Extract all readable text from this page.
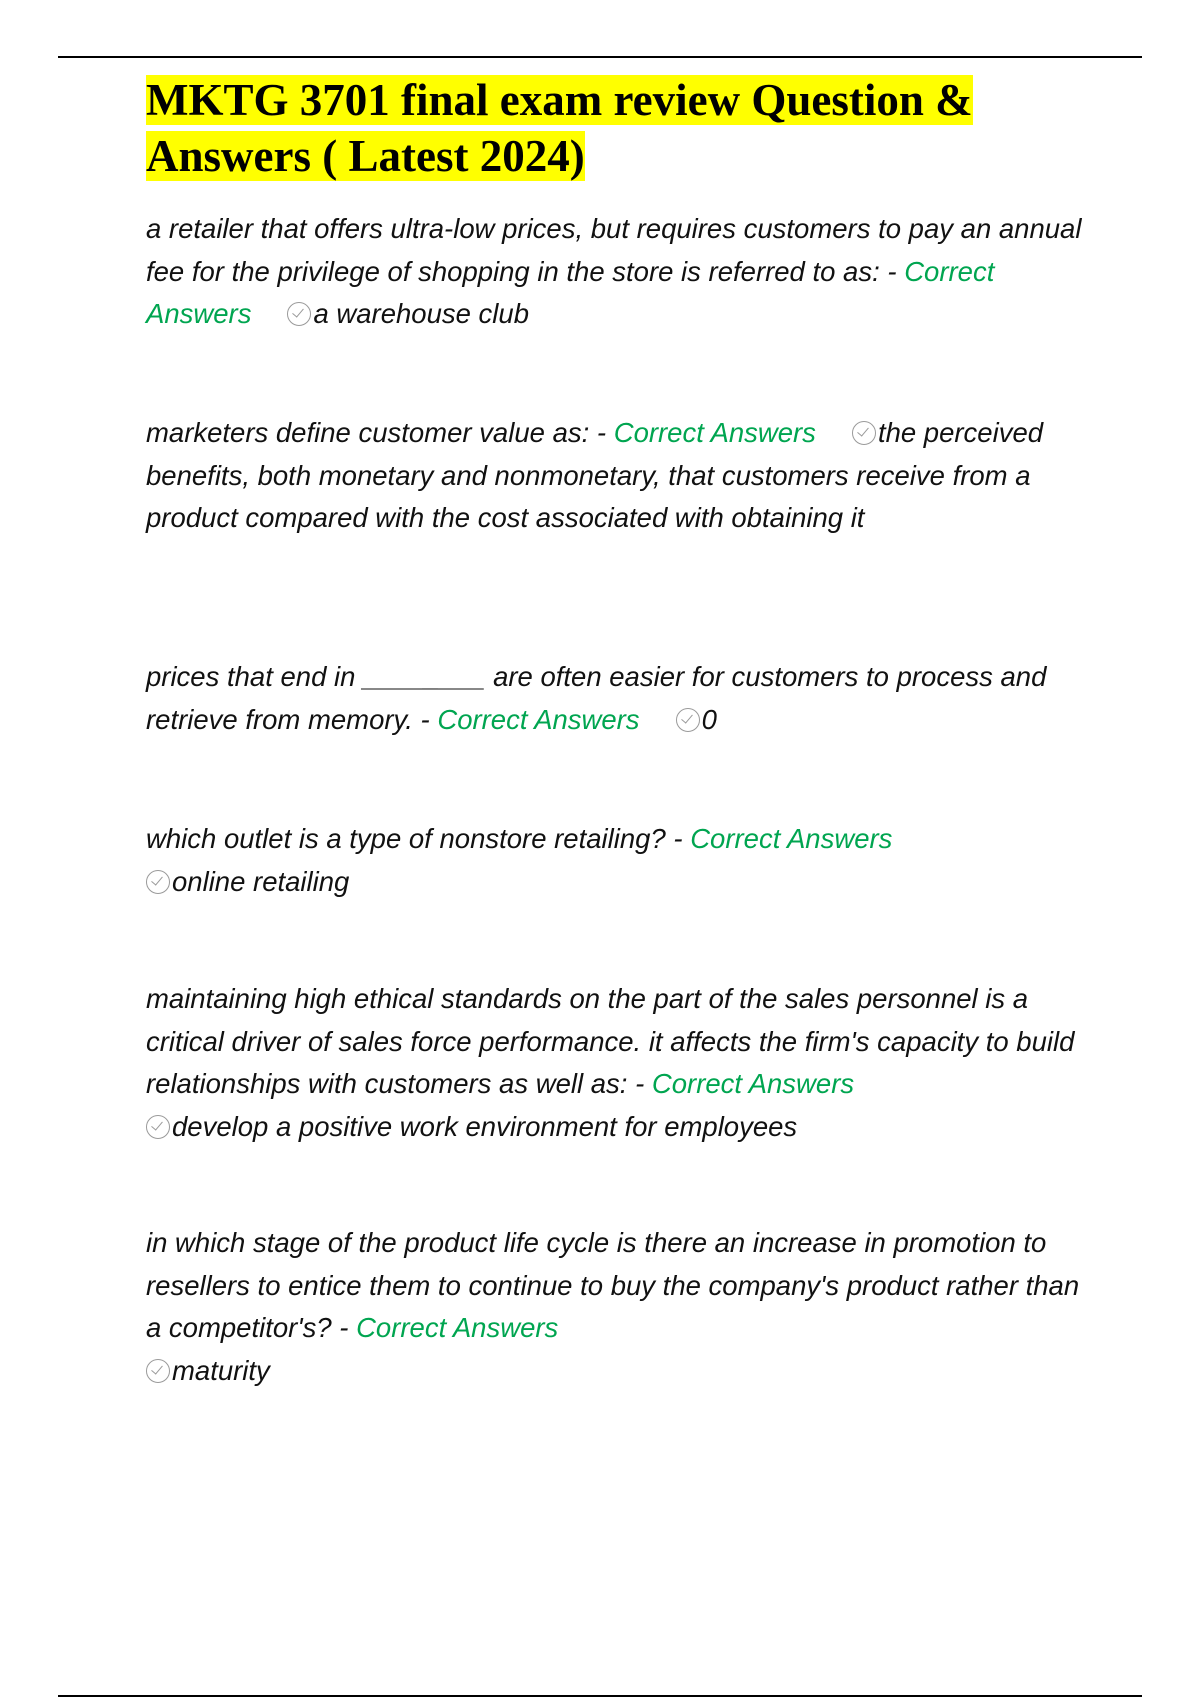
MKTG 3701 final exam review Question & Answers ( Latest 2024)

a retailer that offers ultra-low prices, but requires customers to pay an annual fee for the privilege of shopping in the store is referred to as: - Correct Answers a warehouse club

marketers define customer value as: - Correct Answers the perceived benefits, both monetary and nonmonetary, that customers receive from a product compared with the cost associated with obtaining it

prices that end in ________ are often easier for customers to process and retrieve from memory. - Correct Answers 0

which outlet is a type of nonstore retailing? - Correct Answers
online retailing

maintaining high ethical standards on the part of the sales personnel is a critical driver of sales force performance. it affects the firm's capacity to build relationships with customers as well as: - Correct Answers
develop a positive work environment for employees

in which stage of the product life cycle is there an increase in promotion to resellers to entice them to continue to buy the company's product rather than a competitor's? - Correct Answers
maturity
